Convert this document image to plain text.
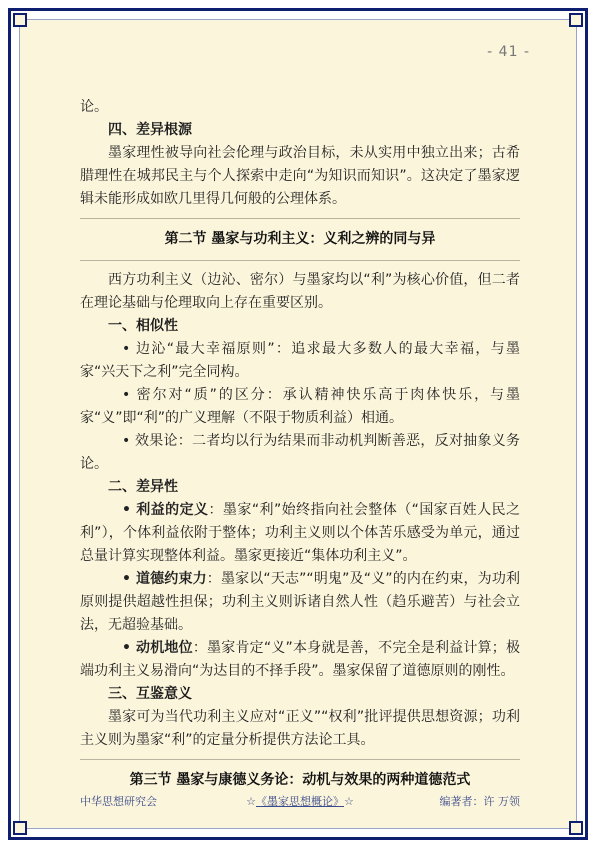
- 41 -

论。

四、差异根源

墨家理性被导向社会伦理与政治目标，未从实用中独立出来；古希腊理性在城邦民主与个人探索中走向“为知识而知识”。这决定了墨家逻辑未能形成如欧几里得几何般的公理体系。

第二节 墨家与功利主义：义利之辨的同与异

西方功利主义（边沁、密尔）与墨家均以“利”为核心价值，但二者在理论基础与伦理取向上存在重要区别。

一、相似性

• 边沁“最大幸福原则”：追求最大多数人的最大幸福，与墨家“兴天下之利”完全同构。

• 密尔对“质”的区分：承认精神快乐高于肉体快乐，与墨家“义”即“利”的广义理解（不限于物质利益）相通。

• 效果论：二者均以行为结果而非动机判断善恶，反对抽象义务论。

二、差异性

• 利益的定义：墨家“利”始终指向社会整体（“国家百姓人民之利”），个体利益依附于整体；功利主义则以个体苦乐感受为单元，通过总量计算实现整体利益。墨家更接近“集体功利主义”。

• 道德约束力：墨家以“天志”“明鬼”及“义”的内在约束，为功利原则提供超越性担保；功利主义则诉诸自然人性（趋乐避苦）与社会立法，无超验基础。

• 动机地位：墨家肯定“义”本身就是善，不完全是利益计算；极端功利主义易滑向“为达目的不择手段”。墨家保留了道德原则的刚性。

三、互鉴意义

墨家可为当代功利主义应对“正义”“权利”批评提供思想资源；功利主义则为墨家“利”的定量分析提供方法论工具。

第三节 墨家与康德义务论：动机与效果的两种道德范式
中华思想研究会	☆《墨家思想概论》☆	编著者：许 万领
